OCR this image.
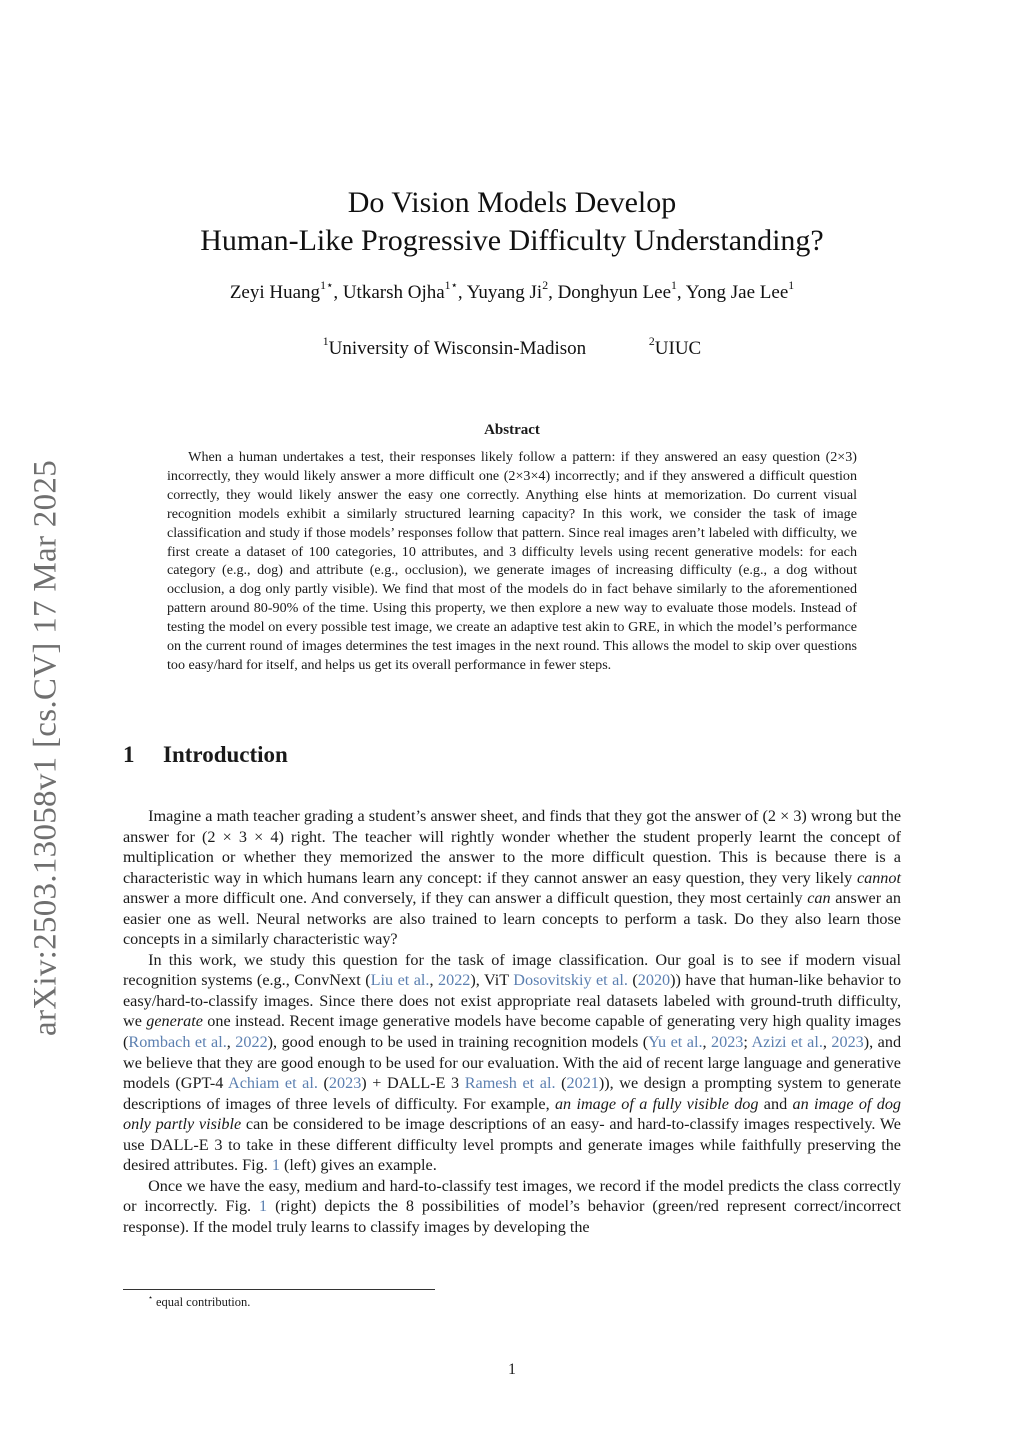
arXiv:2503.13058v1 [cs.CV] 17 Mar 2025
Do Vision Models Develop
Human-Like Progressive Difficulty Understanding?
Zeyi Huang$^{1⋆}$, Utkarsh Ojha$^{1⋆}$, Yuyang Ji$^2$, Donghyun Lee$^1$, Yong Jae Lee$^1$
$^1$University of Wisconsin-Madison	$^2$UIUC
Abstract

When a human undertakes a test, their responses likely follow a pattern: if they answered an easy question (2×3) incorrectly, they would likely answer a more difficult one (2×3×4) incorrectly; and if they answered a difficult question correctly, they would likely answer the easy one correctly. Anything else hints at memorization. Do current visual recognition models exhibit a similarly structured learning capacity? In this work, we consider the task of image classification and study if those models’ responses follow that pattern. Since real images aren’t labeled with difficulty, we first create a dataset of 100 categories, 10 attributes, and 3 difficulty levels using recent generative models: for each category (e.g., dog) and attribute (e.g., occlusion), we generate images of increasing difficulty (e.g., a dog without occlusion, a dog only partly visible). We find that most of the models do in fact behave similarly to the aforementioned pattern around 80-90% of the time. Using this property, we then explore a new way to evaluate those models. Instead of testing the model on every possible test image, we create an adaptive test akin to GRE, in which the model’s performance on the current round of images determines the test images in the next round. This allows the model to skip over questions too easy/hard for itself, and helps us get its overall performance in fewer steps.

1 Introduction

Imagine a math teacher grading a student’s answer sheet, and finds that they got the answer of (2 × 3) wrong but the answer for (2 × 3 × 4) right. The teacher will rightly wonder whether the student properly learnt the concept of multiplication or whether they memorized the answer to the more difficult question. This is because there is a characteristic way in which humans learn any concept: if they cannot answer an easy question, they very likely cannot answer a more difficult one. And conversely, if they can answer a difficult question, they most certainly can answer an easier one as well. Neural networks are also trained to learn concepts to perform a task. Do they also learn those concepts in a similarly characteristic way?

In this work, we study this question for the task of image classification. Our goal is to see if modern visual recognition systems (e.g., ConvNext (Liu et al., 2022), ViT Dosovitskiy et al. (2020)) have that human-like behavior to easy/hard-to-classify images. Since there does not exist appropriate real datasets labeled with ground-truth difficulty, we generate one instead. Recent image generative models have become capable of generating very high quality images (Rombach et al., 2022), good enough to be used in training recognition models (Yu et al., 2023; Azizi et al., 2023), and we believe that they are good enough to be used for our evaluation. With the aid of recent large language and generative models (GPT-4 Achiam et al. (2023) + DALL-E 3 Ramesh et al. (2021)), we design a prompting system to generate descriptions of images of three levels of difficulty. For example, an image of a fully visible dog and an image of dog only partly visible can be considered to be image descriptions of an easy- and hard-to-classify images respectively. We use DALL-E 3 to take in these different difficulty level prompts and generate images while faithfully preserving the desired attributes. Fig. 1 (left) gives an example.

Once we have the easy, medium and hard-to-classify test images, we record if the model predicts the class correctly or incorrectly. Fig. 1 (right) depicts the 8 possibilities of model’s behavior (green/red represent correct/incorrect response). If the model truly learns to classify images by developing the

⋆ equal contribution.
1
